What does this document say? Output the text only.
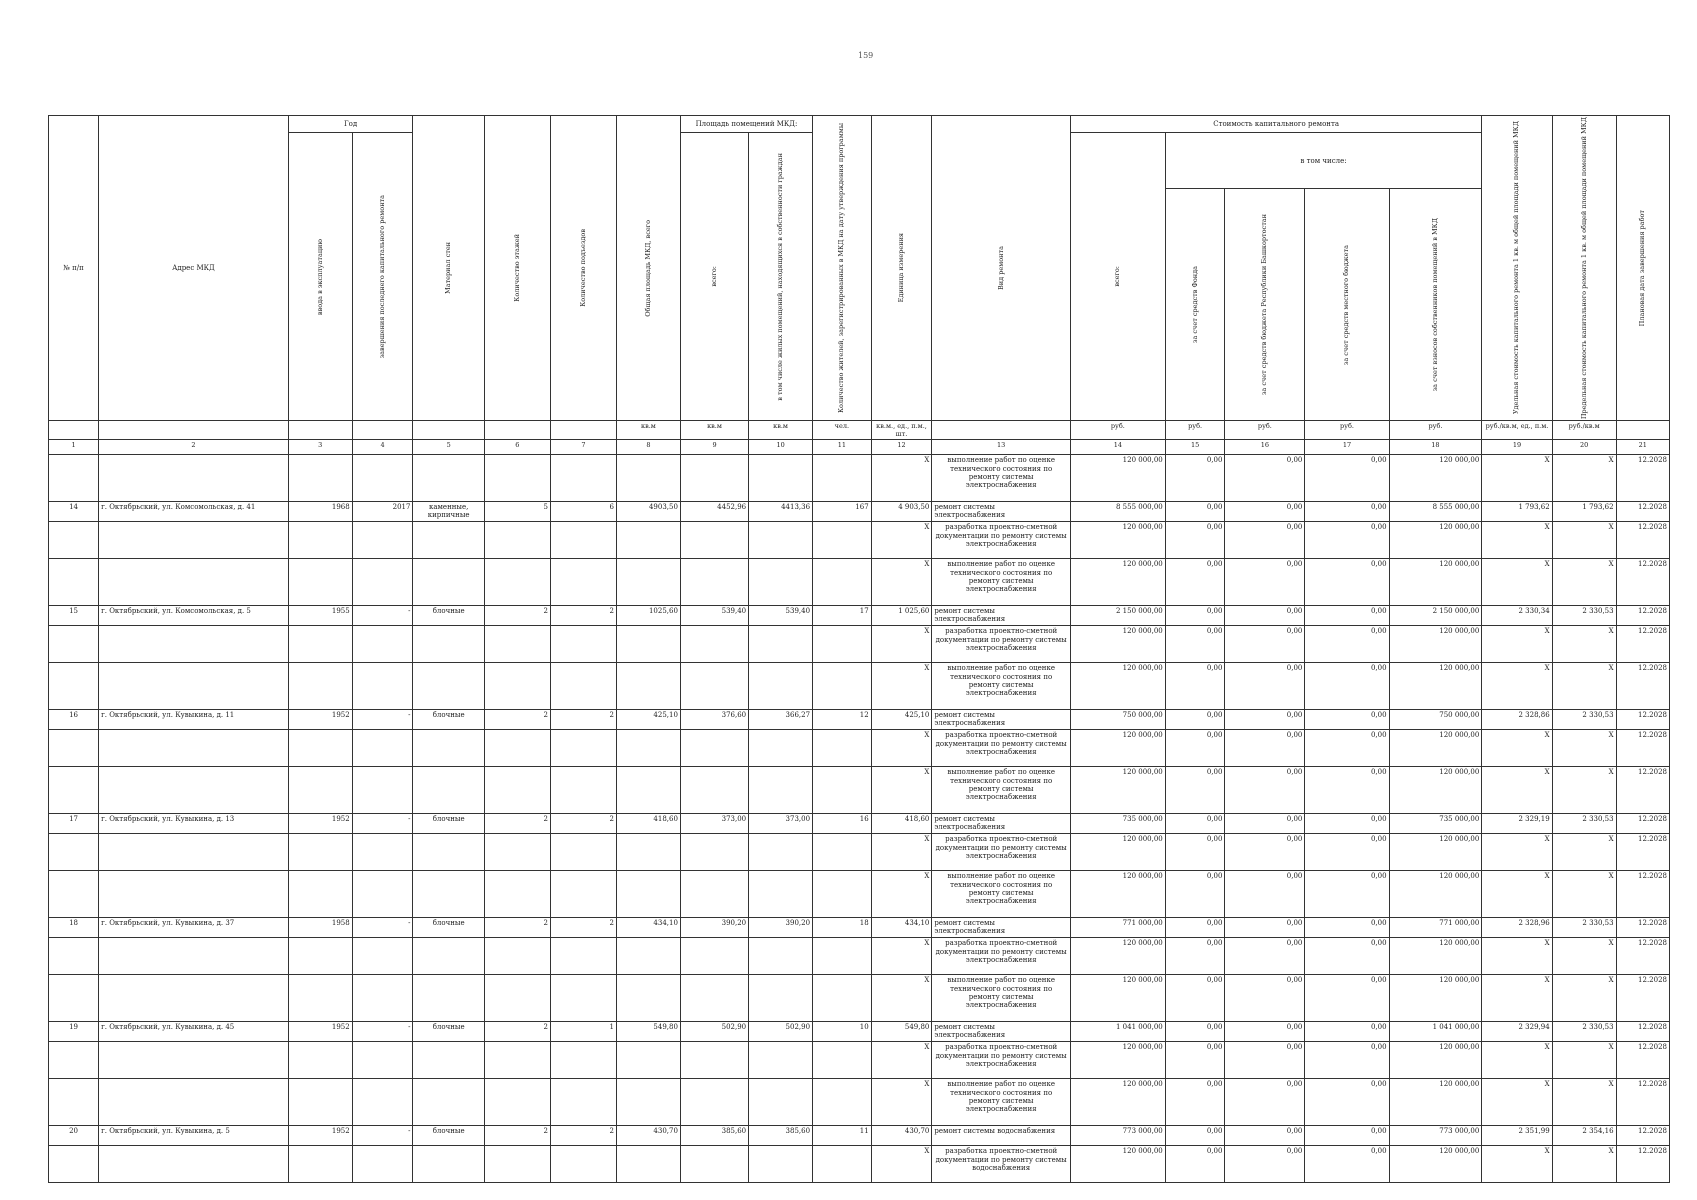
159
№ п/п	Адрес МКД	Год		Материал стен	Количество этажей	Количество подъездов	Общая площадь МКД, всего	Площадь помещений МКД:		Количество жителей, зарегистрированных в МКД на дату утверждения программы	Единица измерения	Вид ремонта	Стоимость капитального ремонта					Удельная стоимость капитального ремонта 1 кв. м общей площади помещений МКД	Предельная стоимость капитального ремонта 1 кв. м общей площади помещений МКД	Плановая дата завершения работ

		ввода в эксплуатацию	завершения последнего капитального ремонта					всего:	в том числе жилых помещений, находящихся в собственности граждан				всего:	в том числе:						

														за счет средств Фонда	за счет средств бюджета Республики Башкортостан	за счет средств местного бюджета	за счет взносов собственников помещений в МКД			

							кв.м	кв.м	кв.м	чел.	кв.м., ед., п.м., шт.		руб.	руб.	руб.	руб.	руб.	руб./кв.м, ед., п.м.	руб./кв.м	
1	2	3	4	5	6	7	8	9	10	11	12	13	14	15	16	17	18	19	20	21
											Х	выполнение работ по оценке технического состояния по ремонту системы электроснабжения	120 000,00	0,00	0,00	0,00	120 000,00	Х	Х	12.2028
14	г. Октябрьский, ул. Комсомольская, д. 41	1968	2017	каменные, кирпичные	5	6	4903,50	4452,96	4413,36	167	4 903,50	ремонт системы электроснабжения	8 555 000,00	0,00	0,00	0,00	8 555 000,00	1 793,62	1 793,62	12.2028
											Х	разработка проектно-сметной документации по ремонту системы электроснабжения	120 000,00	0,00	0,00	0,00	120 000,00	Х	Х	12.2028
											Х	выполнение работ по оценке технического состояния по ремонту системы электроснабжения	120 000,00	0,00	0,00	0,00	120 000,00	Х	Х	12.2028
15	г. Октябрьский, ул. Комсомольская, д. 5	1955	-	блочные	2	2	1025,60	539,40	539,40	17	1 025,60	ремонт системы электроснабжения	2 150 000,00	0,00	0,00	0,00	2 150 000,00	2 330,34	2 330,53	12.2028
											Х	разработка проектно-сметной документации по ремонту системы электроснабжения	120 000,00	0,00	0,00	0,00	120 000,00	Х	Х	12.2028
											Х	выполнение работ по оценке технического состояния по ремонту системы электроснабжения	120 000,00	0,00	0,00	0,00	120 000,00	Х	Х	12.2028
16	г. Октябрьский, ул. Кувыкина, д. 11	1952	-	блочные	2	2	425,10	376,60	366,27	12	425,10	ремонт системы электроснабжения	750 000,00	0,00	0,00	0,00	750 000,00	2 328,86	2 330,53	12.2028
											Х	разработка проектно-сметной документации по ремонту системы электроснабжения	120 000,00	0,00	0,00	0,00	120 000,00	Х	Х	12.2028
											Х	выполнение работ по оценке технического состояния по ремонту системы электроснабжения	120 000,00	0,00	0,00	0,00	120 000,00	Х	Х	12.2028
17	г. Октябрьский, ул. Кувыкина, д. 13	1952	-	блочные	2	2	418,60	373,00	373,00	16	418,60	ремонт системы электроснабжения	735 000,00	0,00	0,00	0,00	735 000,00	2 329,19	2 330,53	12.2028
											Х	разработка проектно-сметной документации по ремонту системы электроснабжения	120 000,00	0,00	0,00	0,00	120 000,00	Х	Х	12.2028
											Х	выполнение работ по оценке технического состояния по ремонту системы электроснабжения	120 000,00	0,00	0,00	0,00	120 000,00	Х	Х	12.2028
18	г. Октябрьский, ул. Кувыкина, д. 37	1958	-	блочные	2	2	434,10	390,20	390,20	18	434,10	ремонт системы электроснабжения	771 000,00	0,00	0,00	0,00	771 000,00	2 328,96	2 330,53	12.2028
											Х	разработка проектно-сметной документации по ремонту системы электроснабжения	120 000,00	0,00	0,00	0,00	120 000,00	Х	Х	12.2028
											Х	выполнение работ по оценке технического состояния по ремонту системы электроснабжения	120 000,00	0,00	0,00	0,00	120 000,00	Х	Х	12.2028
19	г. Октябрьский, ул. Кувыкина, д. 45	1952	-	блочные	2	1	549,80	502,90	502,90	10	549,80	ремонт системы электроснабжения	1 041 000,00	0,00	0,00	0,00	1 041 000,00	2 329,94	2 330,53	12.2028
											Х	разработка проектно-сметной документации по ремонту системы электроснабжения	120 000,00	0,00	0,00	0,00	120 000,00	Х	Х	12.2028
											Х	выполнение работ по оценке технического состояния по ремонту системы электроснабжения	120 000,00	0,00	0,00	0,00	120 000,00	Х	Х	12.2028
20	г. Октябрьский, ул. Кувыкина, д. 5	1952	-	блочные	2	2	430,70	385,60	385,60	11	430,70	ремонт системы водоснабжения	773 000,00	0,00	0,00	0,00	773 000,00	2 351,99	2 354,16	12.2028
											Х	разработка проектно-сметной документации по ремонту системы водоснабжения	120 000,00	0,00	0,00	0,00	120 000,00	Х	Х	12.2028
